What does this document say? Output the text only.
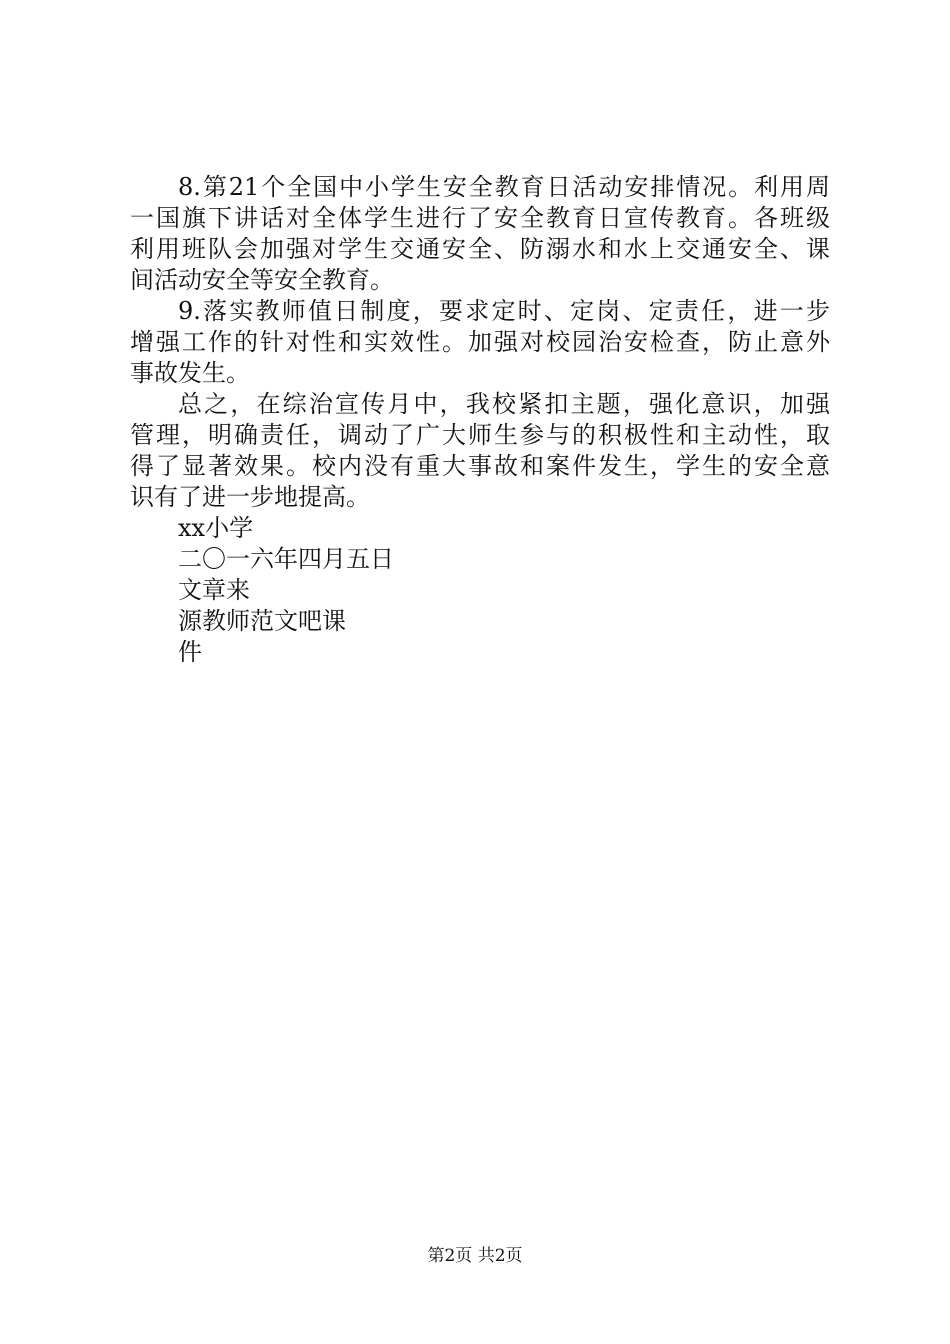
8.第21个全国中小学生安全教育日活动安排情况。利用周
一国旗下讲话对全体学生进行了安全教育日宣传教育。各班级
利用班队会加强对学生交通安全、防溺水和水上交通安全、课
间活动安全等安全教育。
9.落实教师值日制度，要求定时、定岗、定责任，进一步
增强工作的针对性和实效性。加强对校园治安检查，防止意外
事故发生。
总之，在综治宣传月中，我校紧扣主题，强化意识，加强
管理，明确责任，调动了广大师生参与的积极性和主动性，取
得了显著效果。校内没有重大事故和案件发生，学生的安全意
识有了进一步地提高。
xx小学
二〇一六年四月五日
文章来
源教师范文吧课
件
第2页 共2页
